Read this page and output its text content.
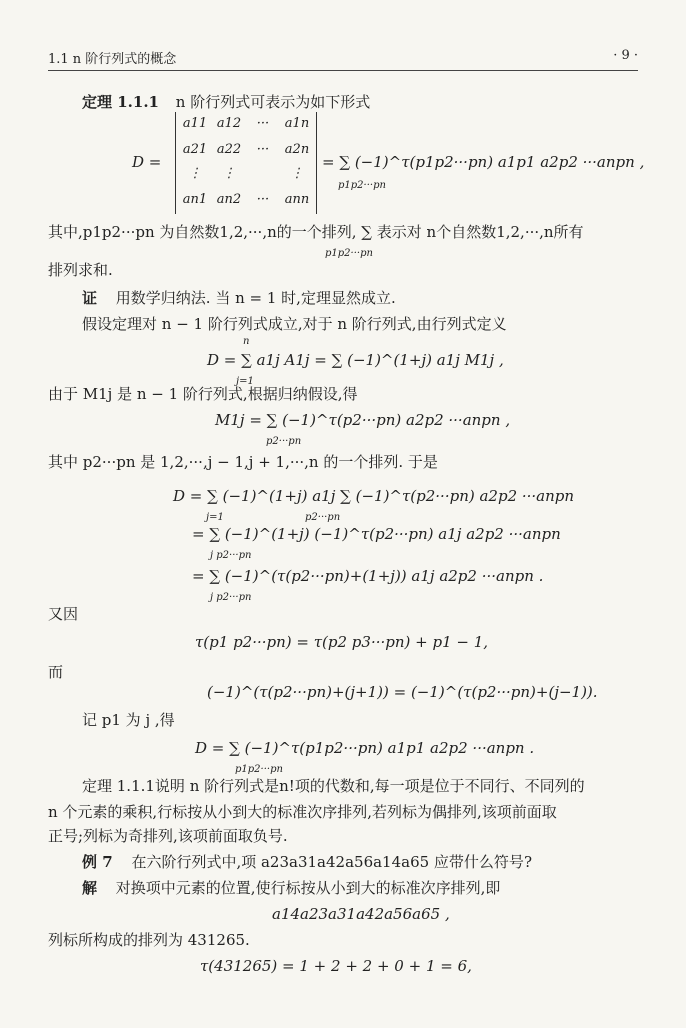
1.1 n 阶行列式的概念	· 9 ·
定理 1.1.1 n 阶行列式可表示为如下形式
D =
a11 a12	···	a1n
a21 a22	···	a2n
⋮	⋮	⋮
an1 an2	···	ann
= ∑ (−1)^τ(p1p2···pn) a1p1 a2p2 ···anpn ,
p1p2···pn
其中,p1p2···pn 为自然数1,2,···,n的一个排列, ∑ 表示对 n个自然数1,2,···,n所有
p1p2···pn
排列求和.
证 用数学归纳法. 当 n = 1 时,定理显然成立.
假设定理对 n − 1 阶行列式成立,对于 n 阶行列式,由行列式定义
D = ∑ a1j A1j = ∑ (−1)^(1+j) a1j M1j ,
n
j=1
由于 M1j 是 n − 1 阶行列式,根据归纳假设,得
M1j = ∑ (−1)^τ(p2···pn) a2p2 ···anpn ,
p2···pn
其中 p2···pn 是 1,2,···,j − 1,j + 1,···,n 的一个排列. 于是
D = ∑ (−1)^(1+j) a1j ∑ (−1)^τ(p2···pn) a2p2 ···anpn
j=1	p2···pn
= ∑ (−1)^(1+j) (−1)^τ(p2···pn) a1j a2p2 ···anpn
j p2···pn
= ∑ (−1)^(τ(p2···pn)+(1+j)) a1j a2p2 ···anpn .
j p2···pn
又因
τ(p1 p2···pn) = τ(p2 p3···pn) + p1 − 1,
而
(−1)^(τ(p2···pn)+(j+1)) = (−1)^(τ(p2···pn)+(j−1)).
记 p1 为 j ,得
D = ∑ (−1)^τ(p1p2···pn) a1p1 a2p2 ···anpn .
p1p2···pn
定理 1.1.1说明 n 阶行列式是n!项的代数和,每一项是位于不同行、不同列的
n 个元素的乘积,行标按从小到大的标准次序排列,若列标为偶排列,该项前面取
正号;列标为奇排列,该项前面取负号.
例 7 在六阶行列式中,项 a23a31a42a56a14a65 应带什么符号?
解 对换项中元素的位置,使行标按从小到大的标准次序排列,即
a14a23a31a42a56a65 ,
列标所构成的排列为 431265.
τ(431265) = 1 + 2 + 2 + 0 + 1 = 6,
